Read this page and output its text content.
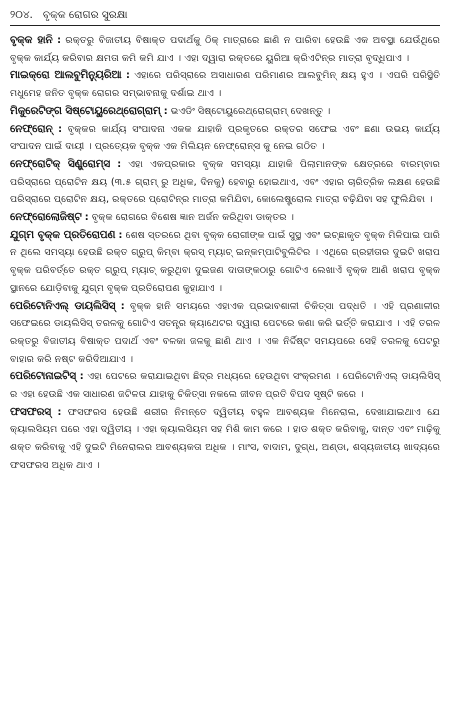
୨୦୪. ବୃକ୍କ ରୋଗର ସୁରକ୍ଷା

ବୃକ୍କ ହାନି : ରକ୍ତରୁ ବିଜାତୀୟ ବିଷାକ୍ତ ପଦାର୍ଥକୁ ଠିକ୍ ମାତ୍ରାରେ ଛାଣି ନ ପାରିବା ହେଉଛି ଏକ ଅବସ୍ଥା ଯେଉଁଥିରେ ବୃକ୍କ କାର୍ଯ୍ୟ କରିବାର କ୍ଷମତା କମି କମି ଯାଏ । ଏହା ଦ୍ୱାରା ରକ୍ତରେ ୟୁରିଆ କ୍ରିଏଟିନ୍‌ର ମାତ୍ରା ବୃଦ୍ଧିପାଏ ।

ମାଇକ୍ରୋ ଆଲବୁମିନ୍ୟୁରିଆ : ଏହାରେ ପରିସ୍ରାରେ ଅସାଧାରଣ ପରିମାଣର ଆଲବୁମିନ୍ କ୍ଷୟ ହୁଏ । ଏପରି ପରିସ୍ଥିତି ମଧୁମେହ ଜନିତ ବୃକ୍କ ରୋଗର ସମ୍ଭାବନାକୁ ଦର୍ଶାଇ ଥାଏ ।

ମିକୁରେଟିଙ୍ଗ ସିଷ୍ଟୋୟୁରେଥ୍ରୋଗ୍ରାମ୍ : ଭଏଡିଂ ସିଷ୍ଟୋୟୁରେଥ୍ରୋଗ୍ରାମ୍ ଦେଖନ୍ତୁ ।

ନେଫ୍ରୋନ୍ : ବୃକ୍କର କାର୍ଯ୍ୟ ସଂପାଦନା ଏକକ ଯାହାକି ପ୍ରକୃତରେ ରକ୍ତର ସଫେଇ ଏବଂ ଛଣା ଉଭୟ କାର୍ଯ୍ୟ ସଂପାଦନ ପାଇଁ ଦାୟୀ । ପ୍ରତ୍ୟେକ ବୃକ୍କ ଏକ ମିଲିୟନ ନେଫ୍ରୋନ୍ସ କୁ ନେଇ ଗଠିତ ।

ନେଫ୍ରୋଟିକ୍ ସିଣ୍ଡ୍ରୋମ୍ସ : ଏହା ଏକପ୍ରକାର ବୃକ୍କ ସମସ୍ୟା ଯାହାକି ପିଲାମାନଙ୍କ କ୍ଷେତ୍ରରେ ବାରମ୍ବାର ପରିସ୍ରାରେ ପ୍ରୋଟିନ କ୍ଷୟ (୩.୫ ଗ୍ରାମ୍ ରୁ ଅଧିକ, ଦିନକୁ) ହେବାରୁ ହୋଇଥାଏ, ଏବଂ ଏହାର ଚାରିତ୍ରିକ ଲକ୍ଷଣ ହେଉଛି ପରିସ୍ରାରେ ପ୍ରୋଟିନ କ୍ଷୟ, ରକ୍ତରେ ପ୍ରୋଟିନ୍‌ର ମାତ୍ରା କମିଯିବା, କୋଲେଷ୍ଟ୍ରୋଲ ମାତ୍ରା ବଢ଼ିଯିବା ସହ ଫୁଲିଯିବା ।

ନେଫ୍ରୋଲୋଜିଷ୍ଟ : ବୃକ୍କ ରୋଗରେ ବିଶେଷ ଜ୍ଞାନ ଅର୍ଜନ କରିଥିବା ଡାକ୍ତର ।

ଯୁଗ୍ମ ବୃକ୍କ ପ୍ରତିରୋପଣ : ଶେଷ ସ୍ତରରେ ଥିବା ବୃକ୍କ ରୋଗୀଙ୍କ ପାଇଁ ସୁସ୍ଥ ଏବଂ ଇଚ୍ଛାକୃତ ବୃକ୍କ ମିଳିପାଇ ପାରି ନ ଥିଲେ ସମସ୍ୟା ହେଉଛି ରକ୍ତ ଗ୍ରୁପ୍ କିମ୍ବା କ୍ରସ୍ ମ୍ୟାଚ୍ ଇନ୍‌କମ୍ପାଟିବୁଲିଟିର । ଏଥିରେ ଗ୍ରହୀତାର ଦୁଇଟି ଖରାପ ବୃକ୍କ ପରିବର୍ତ୍ତେ ରକ୍ତ ଗ୍ରୁପ୍ ମ୍ୟାଚ୍ କରୁଥିବା ଦୁଇଜଣ ଦାତାଙ୍କଠାରୁ ଗୋଟିଏ ଲେଖାଏଁ ବୃକ୍କ ଆଣି ଖରାପ ବୃକ୍କ ସ୍ଥାନରେ ଯୋଡ଼ିବାକୁ ଯୁଗ୍ମ ବୃକ୍କ ପ୍ରତିରୋପଣ କୁହାଯାଏ ।

ପେରିଟୋନିଏଲ୍ ଡାୟଲିସିସ୍ : ବୃକ୍କ ହାନି ସମୟରେ ଏହାଏକ ପ୍ରଭାବଶାଳୀ ଚିକିତ୍ସା ପଦ୍ଧତି । ଏହି ପ୍ରଣାଳୀର ସଫେଇରେ ଡାୟଲିସିସ୍ ତରଳକୁ ଗୋଟିଏ ସତନ୍ତ୍ର କ୍ୟାଥେଟର ଦ୍ୱାରା ପେଟରେ କଣା କରି ଭର୍ତ୍ତି କରାଯାଏ । ଏହି ତରଳ ରକ୍ତରୁ ବିଜାତୀୟ ବିଷାକ୍ତ ପଦାର୍ଥ ଏବଂ ବଳକା ଜଳକୁ ଛାଣି ଥାଏ । ଏକ ନିର୍ଦ୍ଦିଷ୍ଟ ସମୟପରେ ସେହି ତରଳକୁ ପେଟରୁ ବାହାର କରି ନଷ୍ଟ କରିଦିଆଯାଏ ।

ପେରିଟୋନାଇଟିସ୍ : ଏହା ପେଟରେ କରାଯାଇଥିବା ଛିଦ୍ର ମଧ୍ୟରେ ହେଉଥିବା ସଂକ୍ରମଣ । ପେରିଟୋନିଏଲ୍ ଡାୟଲିସିସ୍ ର ଏହା ହେଉଛି ଏକ ସାଧାରଣ ଜଟିଳତା ଯାହାକୁ ଚିକିତ୍ସା ନକଲେ ଜୀବନ ପ୍ରତି ବିପଦ ସୃଷ୍ଟି କରେ ।

ଫସଫରସ୍ : ଫସଫରସ ହେଉଛି ଶରୀର ନିମନ୍ତେ ଦ୍ୱିତୀୟ ବହୁଳ ଆବଶ୍ୟକ ମିନେରାଲ, ଦେଖାଯାଇଥାଏ ଯେ କ୍ୟାଲସିୟମ ପରେ ଏହା ଦ୍ୱିତୀୟ । ଏହା କ୍ୟାଲସିୟମ ସହ ମିଶି କାମ କରେ । ହାଡ ଶକ୍ତ କରିବାକୁ, ଦାନ୍ତ ଏବଂ ମାଢ଼ିକୁ ଶକ୍ତ କରିବାକୁ ଏହି ଦୁଇଟି ମିନେରାଲର ଆବଶ୍ୟକତା ଅଧିକ । ମାଂସ, ବାଦାମ, ଦୁଗ୍ଧ, ଅଣ୍ଡା, ଶସ୍ୟଜାତୀୟ ଖାଦ୍ୟରେ ଫସଫରସ ଅଧିକ ଥାଏ ।
